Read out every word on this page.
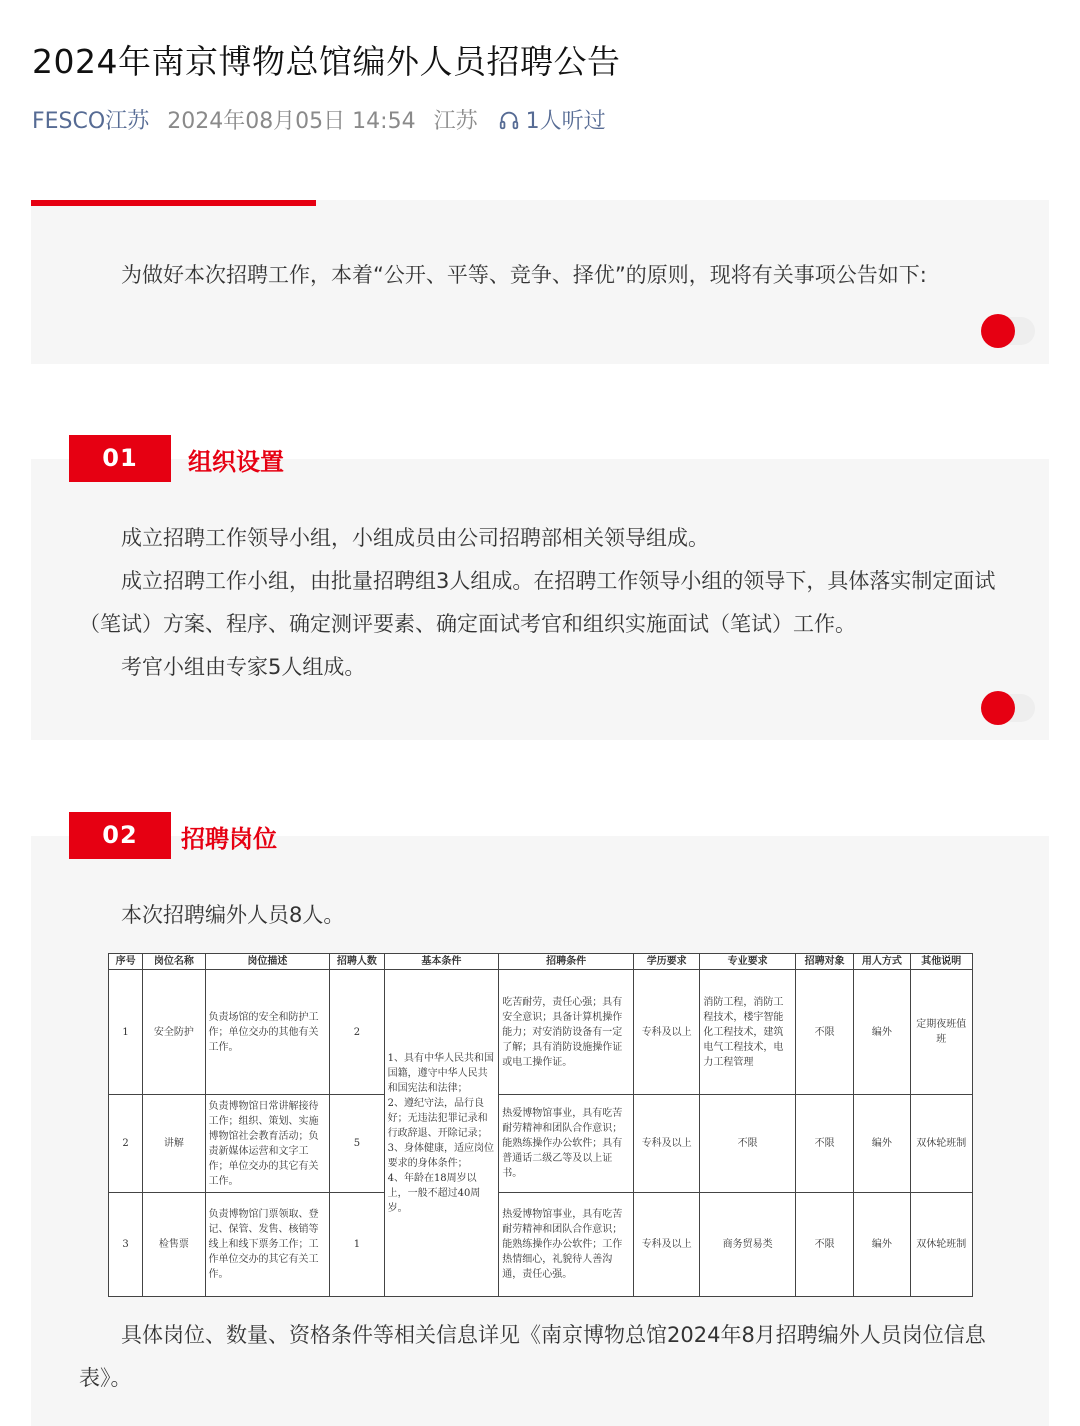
2024年南京博物总馆编外人员招聘公告
FESCO江苏 2024年08月05日 14:54 江苏 1人听过

为做好本次招聘工作，本着“公开、平等、竞争、择优”的原则，现将有关事项公告如下:

成立招聘工作领导小组，小组成员由公司招聘部相关领导组成。

成立招聘工作小组，由批量招聘组3人组成。在招聘工作领导小组的领导下，具体落实制定面试（笔试）方案、程序、确定测评要素、确定面试考官和组织实施面试（笔试）工作。

考官小组由专家5人组成。

01	组织设置

本次招聘编外人员8人。

具体岗位、数量、资格条件等相关信息详见《南京博物总馆2024年8月招聘编外人员岗位信息表》。

02	招聘岗位
序号	岗位名称	岗位描述	招聘人数	基本条件	招聘条件	学历要求	专业要求	招聘对象	用人方式	其他说明
1	安全防护	负责场馆的安全和防护工作；单位交办的其他有关工作。	2	1、具有中华人民共和国国籍，遵守中华人民共和国宪法和法律；
2、遵纪守法，品行良好；无违法犯罪记录和行政辞退、开除记录；
3、身体健康，适应岗位要求的身体条件；
4、年龄在18周岁以上，一般不超过40周岁。	吃苦耐劳，责任心强；具有安全意识；具备计算机操作能力；对安消防设备有一定了解；具有消防设施操作证或电工操作证。	专科及以上	消防工程，消防工程技术，楼宇智能化工程技术，建筑电气工程技术，电力工程管理	不限	编外	定期夜班值班
2	讲解	负责博物馆日常讲解接待工作；组织、策划、实施博物馆社会教育活动；负责新媒体运营和文字工作；单位交办的其它有关工作。	5		热爱博物馆事业，具有吃苦耐劳精神和团队合作意识；能熟练操作办公软件；具有普通话二级乙等及以上证书。	专科及以上	不限	不限	编外	双休轮班制
3	检售票	负责博物馆门票领取、登记、保管、发售、核销等线上和线下票务工作；工作单位交办的其它有关工作。	1		热爱博物馆事业，具有吃苦耐劳精神和团队合作意识；能熟练操作办公软件；工作热情细心，礼貌待人善沟通，责任心强。	专科及以上	商务贸易类	不限	编外	双休轮班制
